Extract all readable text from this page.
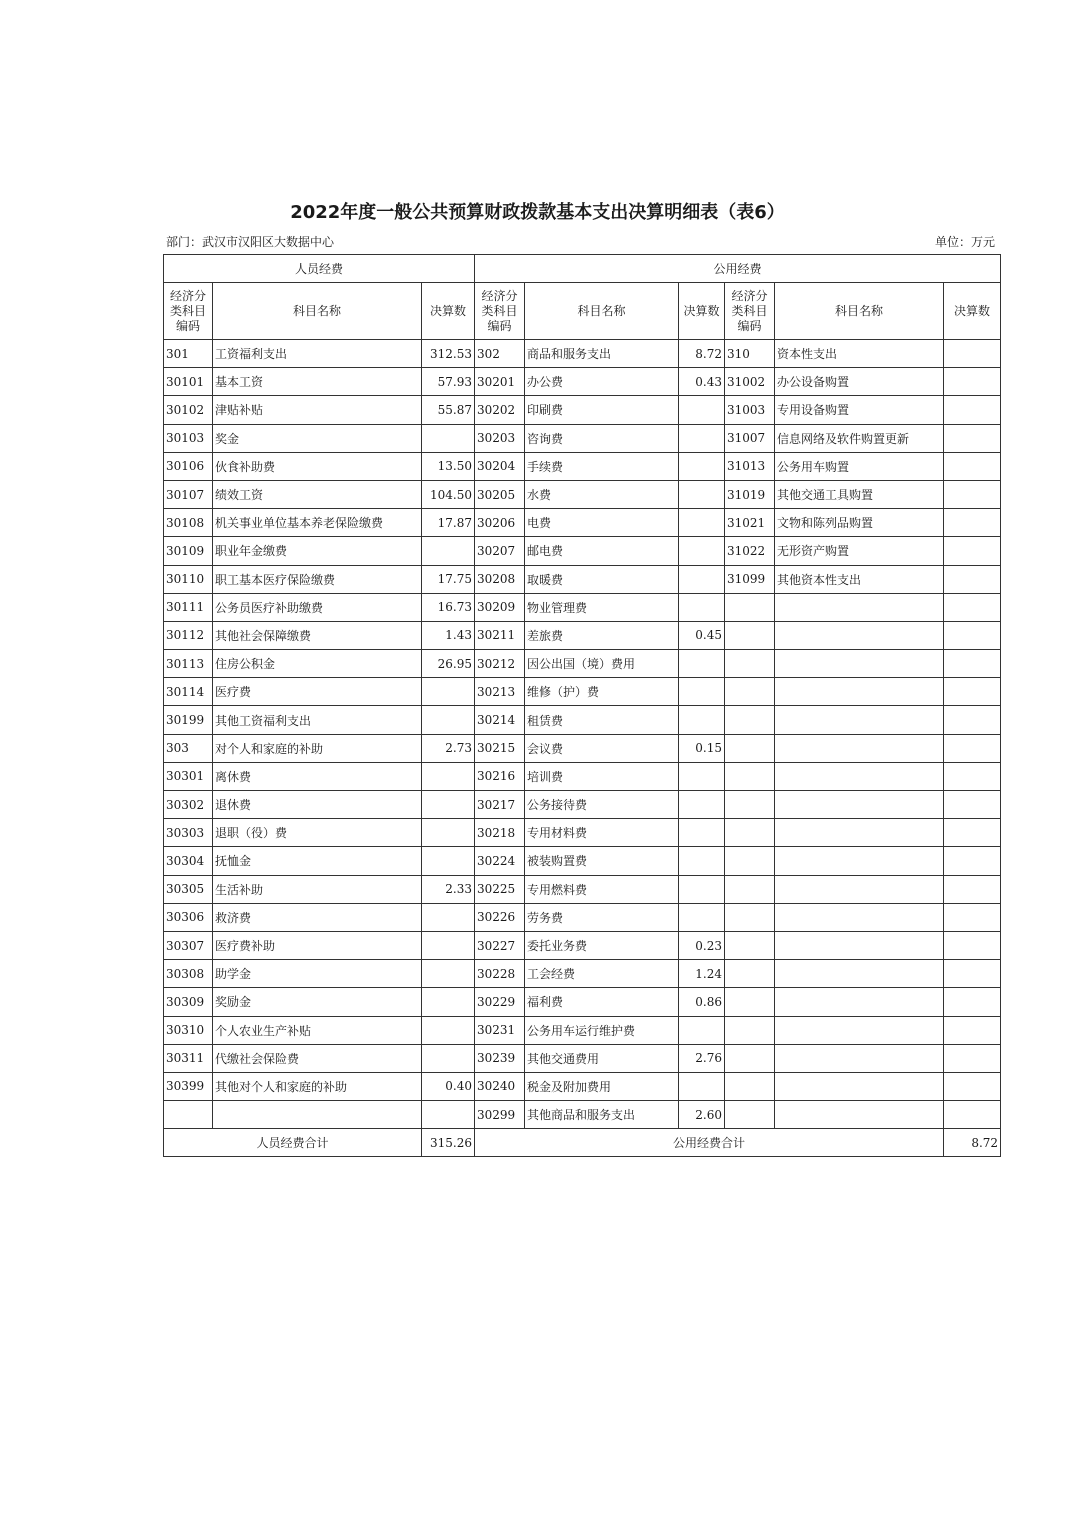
2022年度一般公共预算财政拨款基本支出决算明细表（表6）
部门：武汉市汉阳区大数据中心	单位：万元
人员经费			公用经费					
经济分类科目编码	科目名称	决算数	经济分类科目编码	科目名称	决算数	经济分类科目编码	科目名称	决算数
301	工资福利支出	312.53	302	商品和服务支出	8.72	310	资本性支出	
30101	基本工资	57.93	30201	办公费	0.43	31002	办公设备购置	
30102	津贴补贴	55.87	30202	印刷费		31003	专用设备购置	
30103	奖金		30203	咨询费		31007	信息网络及软件购置更新	
30106	伙食补助费	13.50	30204	手续费		31013	公务用车购置	
30107	绩效工资	104.50	30205	水费		31019	其他交通工具购置	
30108	机关事业单位基本养老保险缴费	17.87	30206	电费		31021	文物和陈列品购置	
30109	职业年金缴费		30207	邮电费		31022	无形资产购置	
30110	职工基本医疗保险缴费	17.75	30208	取暖费		31099	其他资本性支出	
30111	公务员医疗补助缴费	16.73	30209	物业管理费				
30112	其他社会保障缴费	1.43	30211	差旅费	0.45			
30113	住房公积金	26.95	30212	因公出国（境）费用				
30114	医疗费		30213	维修（护）费				
30199	其他工资福利支出		30214	租赁费				
303	对个人和家庭的补助	2.73	30215	会议费	0.15			
30301	离休费		30216	培训费				
30302	退休费		30217	公务接待费				
30303	退职（役）费		30218	专用材料费				
30304	抚恤金		30224	被装购置费				
30305	生活补助	2.33	30225	专用燃料费				
30306	救济费		30226	劳务费				
30307	医疗费补助		30227	委托业务费	0.23			
30308	助学金		30228	工会经费	1.24			
30309	奖励金		30229	福利费	0.86			
30310	个人农业生产补贴		30231	公务用车运行维护费				
30311	代缴社会保险费		30239	其他交通费用	2.76			
30399	其他对个人和家庭的补助	0.40	30240	税金及附加费用				
			30299	其他商品和服务支出	2.60			
人员经费合计		315.26	公用经费合计					8.72
